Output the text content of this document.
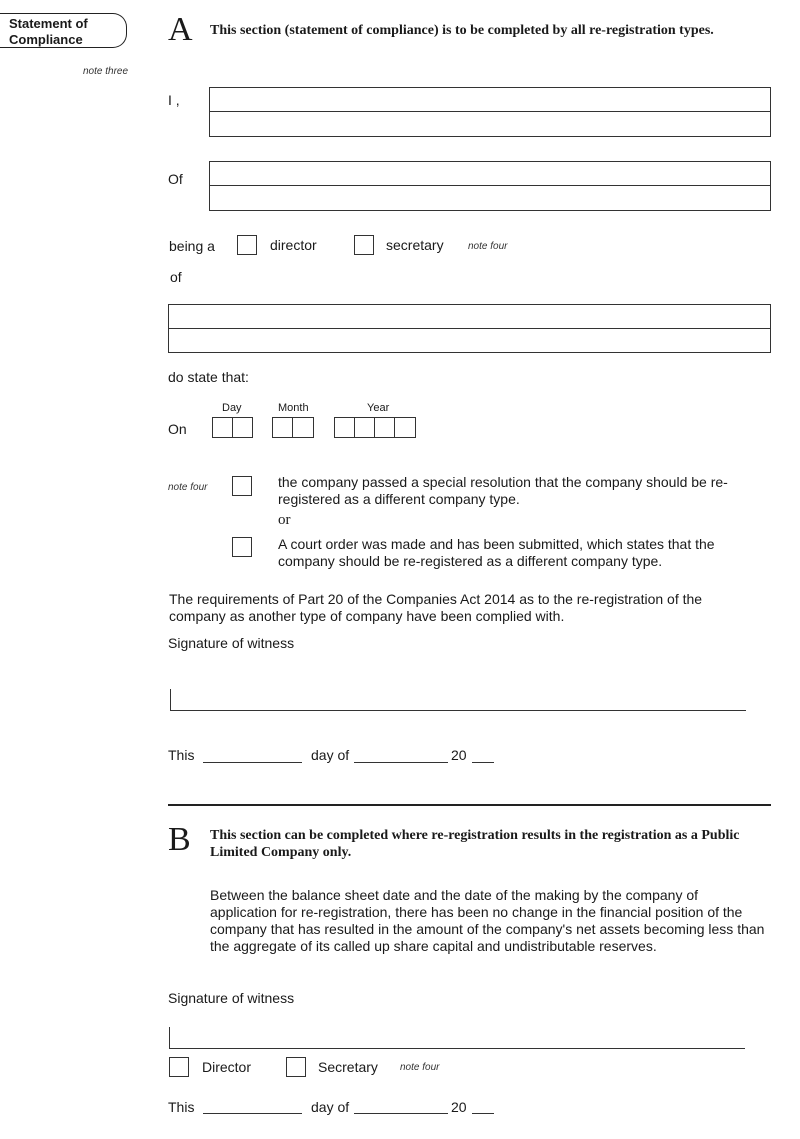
Statement of
Compliance
note three
A This section (statement of compliance) is to be completed by all re-registration types.
I ,
Of
being a	director	secretary note four
of
do state that:
Day	Month	Year
On
note four	the company passed a special resolution that the company should be re-registered as a different company type.
or
A court order was made and has been submitted, which states that the company should be re-registered as a different company type.
The requirements of Part 20 of the Companies Act 2014 as to the re-registration of the company as another type of company have been complied with.
Signature of witness
This	day of	20
B This section can be completed where re-registration results in the registration as a Public Limited Company only.
Between the balance sheet date and the date of the making by the company of application for re-registration, there has been no change in the financial position of the company that has resulted in the amount of the company's net assets becoming less than the aggregate of its called up share capital and undistributable reserves.
Signature of witness
Director	Secretary note four
This	day of	20
